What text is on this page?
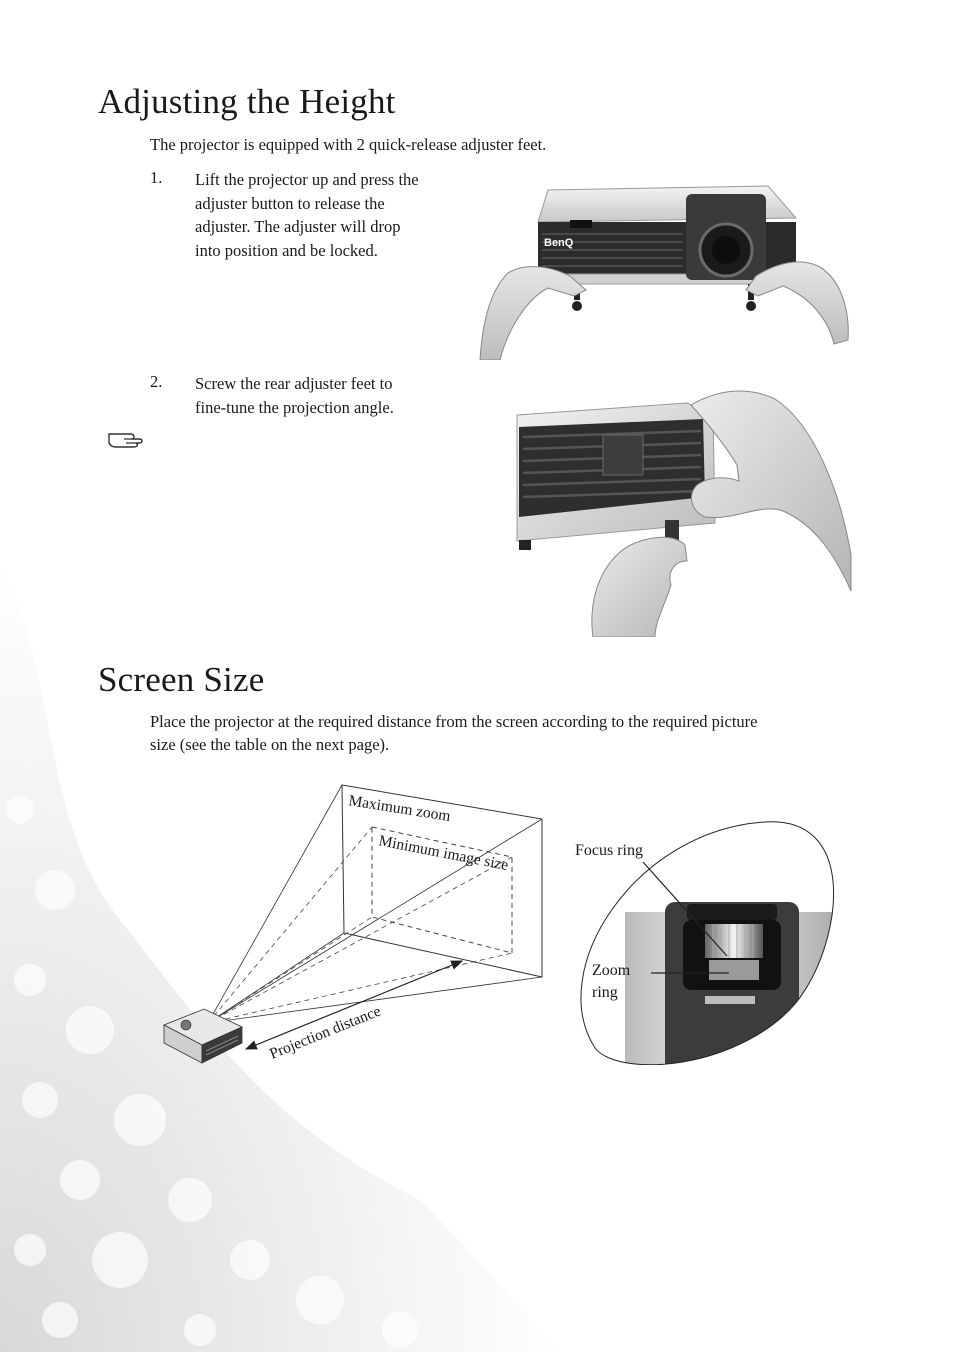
Adjusting the Height

The projector is equipped with 2 quick-release adjuster feet.

1. Lift the projector up and press the
adjuster button to release the
adjuster. The adjuster will drop
into position and be locked.
2. Screw the rear adjuster feet to
fine-tune the projection angle.
BenQ
Screen Size
Place the projector at the required distance from the screen according to the required picture
size (see the table on the next page).
Maximum zoom
Minimum image size
Projection distance
Focus ring
Zoom
ring
